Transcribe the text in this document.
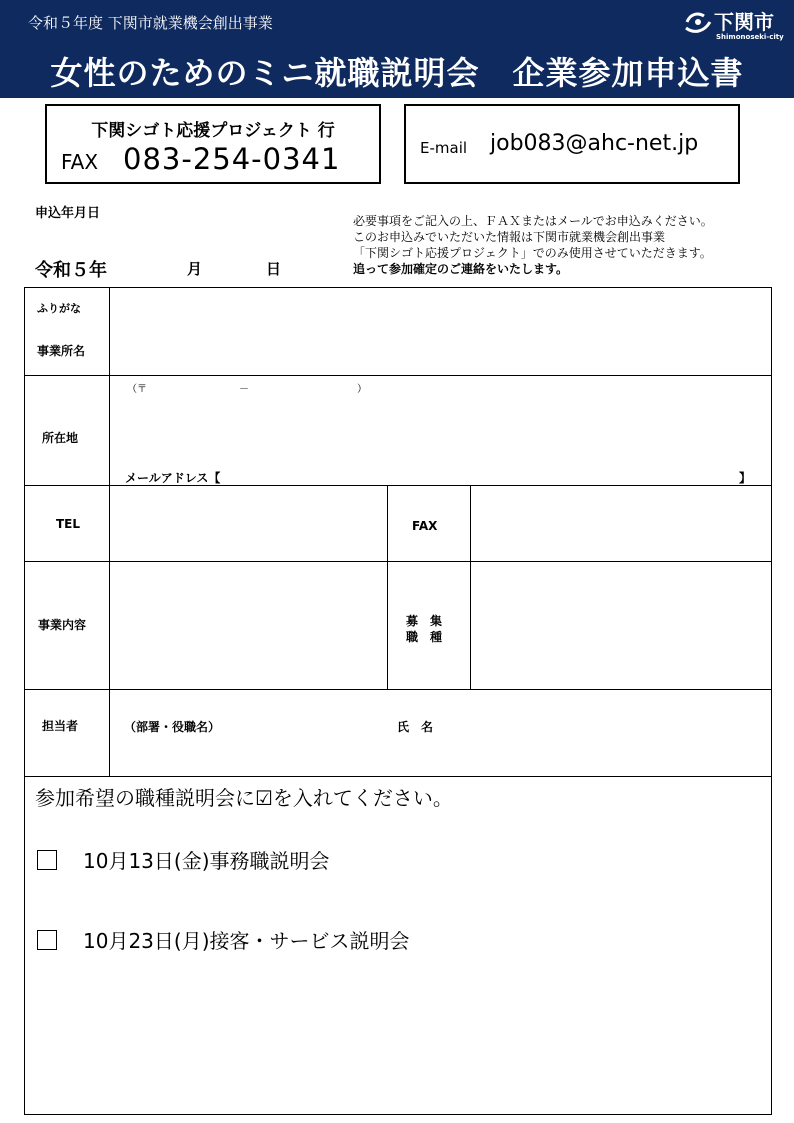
令和５年度 下関市就業機会創出事業
女性のためのミニ就職説明会　企業参加申込書
下関市
Shimonoseki-city
下関シゴト応援プロジェクト 行
FAX 083-254-0341	E-mail job083@ahc-net.jp
申込年月日
令和５年	月	日
必要事項をご記入の上、ＦＡＸまたはメールでお申込みください。
このお申込みでいただいた情報は下関市就業機会創出事業
「下関シゴト応援プロジェクト」でのみ使用させていただきます。
追って参加確定のご連絡をいたします。
ふりがな
事業所名
（〒	－	）
所在地
メールアドレス【	】
TEL	FAX
事業内容	募　集
職　種
担当者	（部署・役職名）	氏　名
参加希望の職種説明会に☑を入れてください。
10月13日(金)事務職説明会
10月23日(月)接客・サービス説明会
